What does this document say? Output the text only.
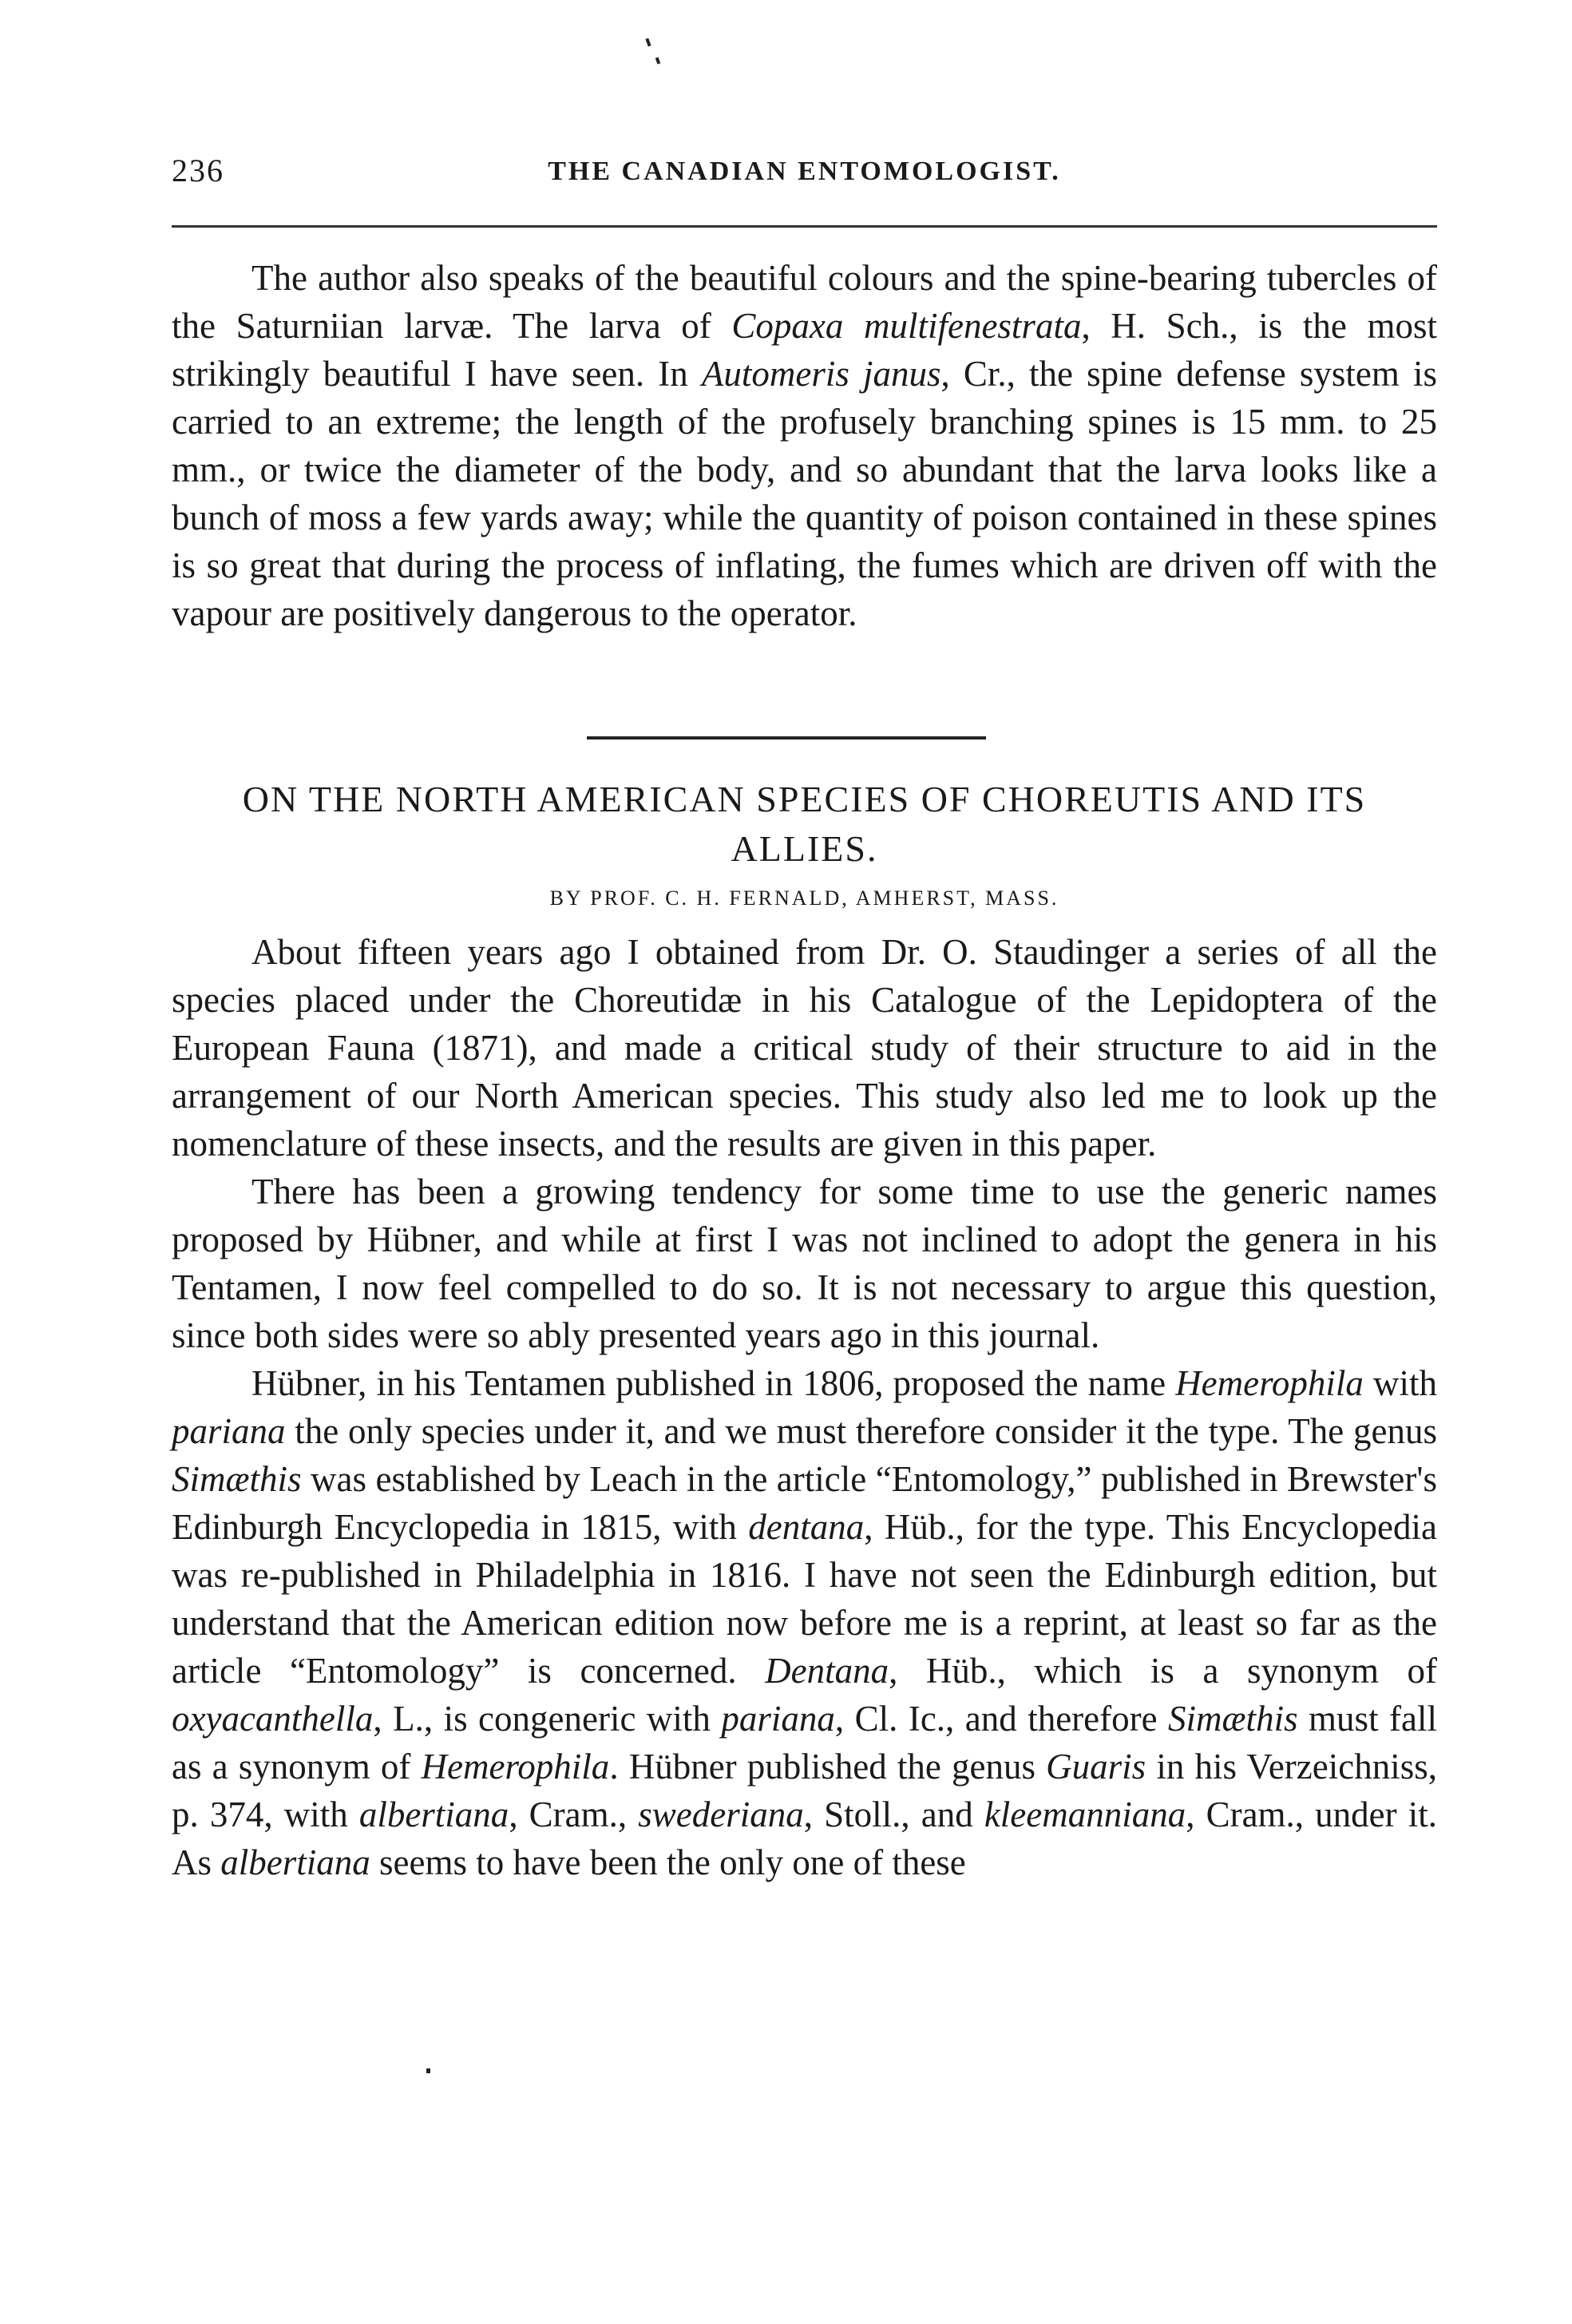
236	THE CANADIAN ENTOMOLOGIST.

The author also speaks of the beautiful colours and the spine-bearing tubercles of the Saturniian larvæ. The larva of Copaxa multifenestrata, H. Sch., is the most strikingly beautiful I have seen. In Automeris janus, Cr., the spine defense system is carried to an extreme; the length of the profusely branching spines is 15 mm. to 25 mm., or twice the diameter of the body, and so abundant that the larva looks like a bunch of moss a few yards away; while the quantity of poison contained in these spines is so great that during the process of inflating, the fumes which are driven off with the vapour are positively dangerous to the operator.

ON THE NORTH AMERICAN SPECIES OF CHOREUTIS AND ITS ALLIES.
BY PROF. C. H. FERNALD, AMHERST, MASS.

About fifteen years ago I obtained from Dr. O. Staudinger a series of all the species placed under the Choreutidæ in his Catalogue of the Lepidoptera of the European Fauna (1871), and made a critical study of their structure to aid in the arrangement of our North American species. This study also led me to look up the nomenclature of these insects, and the results are given in this paper.

There has been a growing tendency for some time to use the generic names proposed by Hübner, and while at first I was not inclined to adopt the genera in his Tentamen, I now feel compelled to do so. It is not necessary to argue this question, since both sides were so ably presented years ago in this journal.

Hübner, in his Tentamen published in 1806, proposed the name Hemerophila with pariana the only species under it, and we must therefore consider it the type. The genus Simæthis was established by Leach in the article “Entomology,” published in Brewster's Edinburgh Encyclopedia in 1815, with dentana, Hüb., for the type. This Encyclopedia was re-published in Philadelphia in 1816. I have not seen the Edinburgh edition, but understand that the American edition now before me is a reprint, at least so far as the article “Entomology” is concerned. Dentana, Hüb., which is a synonym of oxyacanthella, L., is congeneric with pariana, Cl. Ic., and therefore Simæthis must fall as a synonym of Hemerophila. Hübner published the genus Guaris in his Verzeichniss, p. 374, with albertiana, Cram., swederiana, Stoll., and kleemanniana, Cram., under it. As albertiana seems to have been the only one of these
